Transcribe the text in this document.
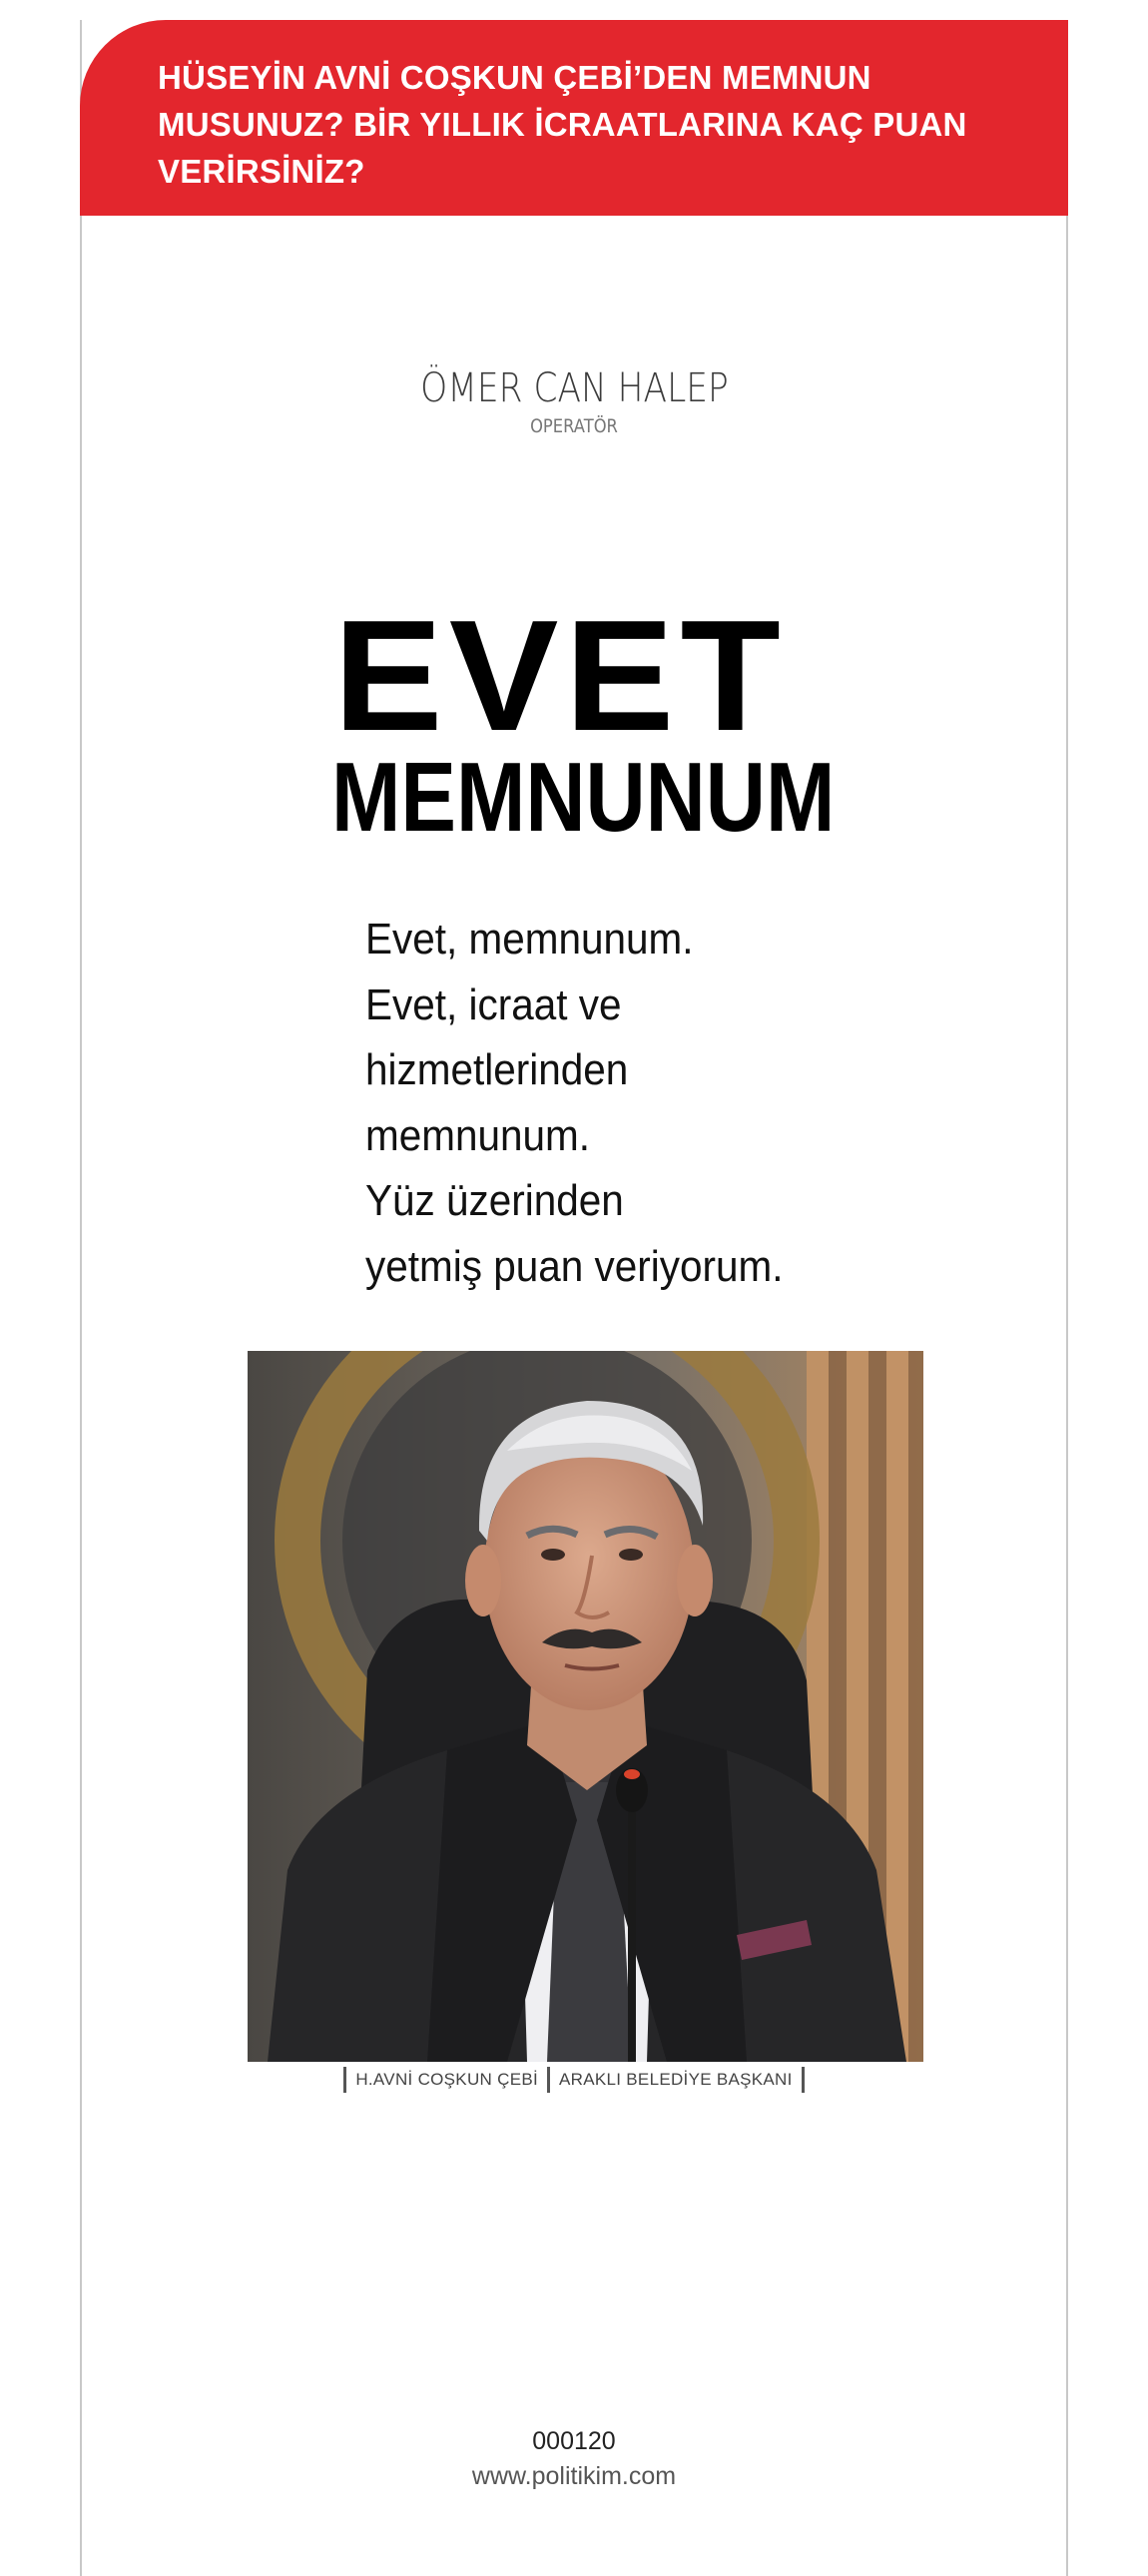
HÜSEYİN AVNİ COŞKUN ÇEBİ’DEN MEMNUN
MUSUNUZ? BİR YILLIK İCRAATLARINA KAÇ PUAN
VERİRSİNİZ?

ÖMER CAN HALEP
OPERATÖR
EVET
MEMNUNUM
Evet, memnunum.
Evet, icraat ve
hizmetlerinden
memnunum.
Yüz üzerinden
yetmiş puan veriyorum.
H.AVNİ COŞKUN ÇEBİ ARAKLI BELEDİYE BAŞKANI
000120
www.politikim.com
